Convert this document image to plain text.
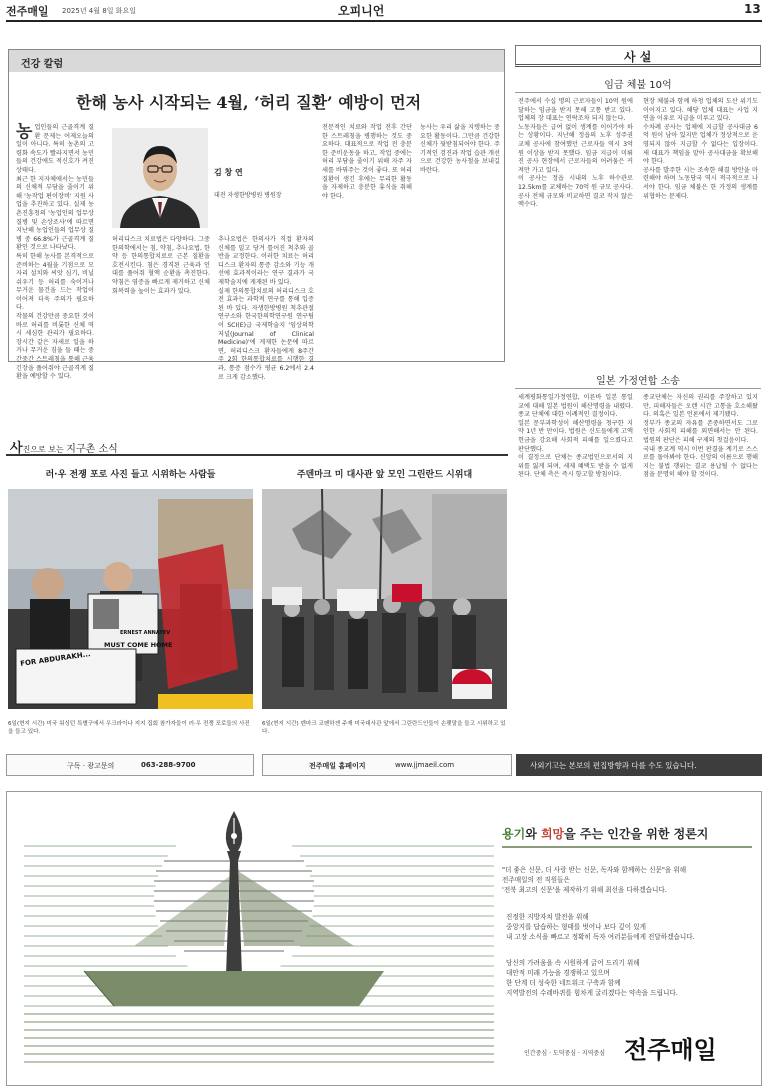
전주매일 2025년 4월 8일 화요일	오피니언	13
건강 칼럼
한해 농사 시작되는 4월, ‘허리 질환’ 예방이 먼저

농업인들의 근골격계 질환 문제는 어제오늘의 일이 아니다. 특히 농촌의 고령화 속도가 빨라지면서 농민들의 건강에도 적신호가 켜진 상태다.

최근 한 지자체에서는 농민들의 신체적 부담을 줄이기 위해 '농작업 편이장비' 지원 사업을 추진하고 있다. 실제 농촌진흥청의 '농업인의 업무상 질병 및 손상조사'에 따르면 지난해 농업인들의 업무상 질병 중 66.8%가 근골격계 질환인 것으로 나타났다.

특히 한해 농사를 본격적으로 준비하는 4월을 기점으로 모자리 설치와 씨앗 심기, 비닐 쉬우기 등 허리를 숙이거나 무거운 물건을 드는 작업이 이어져 더욱 주의가 필요하다.

작물의 건강만큼 중요한 것이 바로 허리를 비롯한 신체 역시 세심한 관리가 필요하다. 장시간 같은 자세로 일을 하거나 무거운 짐을 들 때는 중간중간 스트레칭을 통해 근육 긴장을 풀어줘야 근골격계 질환을 예방할 수 있다.

김 창 연
대전 자생한방병원 병원장

허리디스크 치료법은 다양하다. 그중 한의학에서는 침, 약침, 추나요법, 한약 등 한의통합치료로 근본 질환을 호전시킨다. 침은 경직된 근육과 인대를 풀어줘 혈액 순환을 촉진한다. 약침은 염증을 빠르게 제거하고 신체 회복력을 높이는 효과가 있다.

추나요법은 한의사가 직접 환자의 신체를 밀고 당겨 틀어진 척추와 골반을 교정한다. 이러한 치료는 허리디스크 환자의 통증 감소와 기능 개선에 효과적이라는 연구 결과가 국제학술지에 게재된 바 있다.

실제 한의통합치료의 허리디스크 호전 효과는 과학적 연구를 통해 입증된 바 있다. 자생한방병원 척추관절연구소와 한국한의학연구원 연구팀이 SCI(E)급 국제학술지 '임상의학저널(Journal of Clinical Medicine)'에 게재한 논문에 따르면, 허리디스크 환자들에게 8주간 주 2회 한의통합치료를 시행한 결과, 통증 점수가 평균 6.2에서 2.4로 크게 감소했다.

전문적인 치료와 작업 전후 간단한 스트레칭을 병행하는 것도 중요하다. 대표적으로 작업 전 충분한 준비운동을 하고, 작업 중에는 허리 부담을 줄이기 위해 자주 자세를 바꿔주는 것이 좋다. 또 허리 질환이 생긴 후에는 무리한 활동을 자제하고 충분한 휴식을 취해야 한다.

농사는 우리 삶을 지탱하는 중요한 활동이다. 그만큼 건강한 신체가 뒷받침되어야 한다. 주기적인 검진과 작업 습관 개선으로 건강한 농사철을 보내길 바란다.

사 설
임금 체불 10억

전주에서 수십 명의 근로자들이 10억 원에 달하는 임금을 받지 못해 고통 받고 있다. 업체의 장 대표는 연락조차 되지 않는다.

노동자들은 급여 없이 생계를 이어가야 하는 상황이다. 지난해 정읍의 노후 성주권 교체 공사에 참여했던 근로자들 역시 3억 원 이상을 받지 못했다. 임금 지급이 미뤄진 공사 현장에서 근로자들의 어려움은 커져만 가고 있다.

이 공사는 정읍 시내의 노후 하수관로 12.5km를 교체하는 70억 원 규모 공사다. 공사 전체 규모와 비교하면 결코 작지 않은 액수다.

현장 체불과 함께 하청 업체의 도산 위기도 이어지고 있다. 해당 업체 대표는 사업 지연을 이유로 지급을 미루고 있다.

수차례 공사는 업체에 지급할 공사대금 6억 원이 남아 있지만 업체가 정상적으로 운영되지 않아 지급할 수 없다는 입장이다. 새 대표가 책임을 맡아 공사대금을 확보해야 한다.

공사를 발주한 시는 조속한 해결 방안을 마련해야 하며 노동당국 역시 적극적으로 나서야 한다. 임금 체불은 한 가정의 생계를 위협하는 문제다.

일본 가정연합 소송

세계평화통일가정연합, 이른바 일본 통일교에 대해 일본 법원이 해산명령을 내렸다. 종교 단체에 대한 이례적인 결정이다.

일본 문부과학성이 해산명령을 청구한 지 약 1년 반 만이다. 법원은 신도들에게 고액 헌금을 강요해 사회적 피해를 일으켰다고 판단했다.

이 결정으로 단체는 종교법인으로서의 지위를 잃게 되며, 세제 혜택도 받을 수 없게 된다. 단체 측은 즉시 항고할 방침이다.

종교단체는 자신의 권리를 주장하고 있지만, 피해자들은 오랜 시간 고통을 호소해왔다. 의혹은 일본 언론에서 제기됐다.

정부가 종교의 자유를 존중하면서도 그로 인한 사회적 피해를 외면해서는 안 된다. 법원의 판단은 피해 구제의 첫걸음이다.

국내 종교계 역시 이번 판결을 계기로 스스로를 돌아봐야 한다. 신앙의 이름으로 행해지는 불법 행위는 결코 용납될 수 없다는 점을 분명히 해야 할 것이다.

사진으로 보는 지구촌 소식
러·우 전쟁 포로 사진 들고 시위하는 사람들	주덴마크 미 대사관 앞 모인 그린란드 시위대
ERNEST ANNAYEV
MUST COME HOME
FOR ABDURAKH...
6일(현지 시간) 미국 워싱턴 특별구에서 우크라이나 지지 집회 참가자들이 러·우 전쟁 포로들의 사진을 들고 있다.
6일(현지 시간) 덴마크 코펜하겐 주재 미국대사관 앞에서 그린란드인들이 손팻말을 들고 시위하고 있다.
구독 · 광고문의	063-288-9700	전주매일 홈페이지	www.jjmaeil.com	사외기고는 본보의 편집방향과 다를 수도 있습니다.
용기와 희망을 주는 인간을 위한 정론지
"더 좋은 신문, 더 사랑 받는 신문, 독자와 함께하는 신문"을 위해
전주매일의 전 직원들은
'전북 최고의 신문'을 제작하기 위해 최선을 다하겠습니다.
진정한 지방자치 발전을 위해
중앙지를 답습하는 형태를 벗어나 보다 깊이 있게
내 고장 소식을 빠르고 정확히 독자 여러분들에게 전달하겠습니다.
당신의 가려움을 속 시원하게 긁어 드리기 위해
대안적 미래 가능을 경쟁하고 있으며
한 단계 더 성숙한 네트워크 구축과 함께
지역발전의 수레바퀴를 힘차게 굴리겠다는 약속을 드립니다.
인간중심 · 도덕중심 · 지역중심 전주매일
